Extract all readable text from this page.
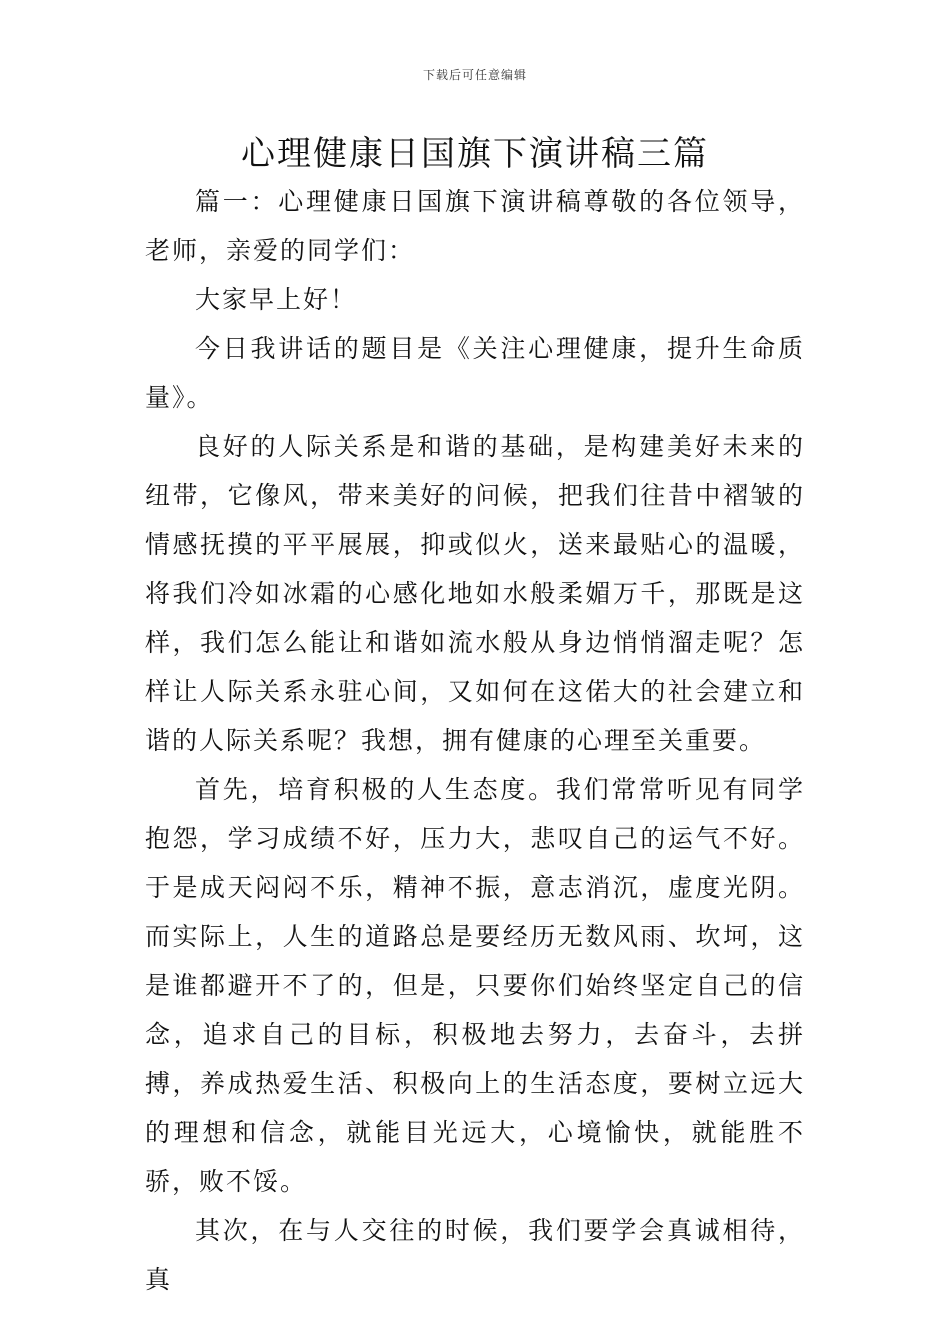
下载后可任意编辑
心理健康日国旗下演讲稿三篇

篇一：心理健康日国旗下演讲稿尊敬的各位领导，老师，亲爱的同学们：

大家早上好！

今日我讲话的题目是《关注心理健康，提升生命质量》。

良好的人际关系是和谐的基础，是构建美好未来的纽带，它像风，带来美好的问候，把我们往昔中褶皱的情感抚摸的平平展展，抑或似火，送来最贴心的温暖，将我们冷如冰霜的心感化地如水般柔媚万千，那既是这样，我们怎么能让和谐如流水般从身边悄悄溜走呢？怎样让人际关系永驻心间，又如何在这偌大的社会建立和谐的人际关系呢？我想，拥有健康的心理至关重要。

首先，培育积极的人生态度。我们常常听见有同学抱怨，学习成绩不好，压力大，悲叹自己的运气不好。于是成天闷闷不乐，精神不振，意志消沉，虚度光阴。而实际上，人生的道路总是要经历无数风雨、坎坷，这是谁都避开不了的，但是，只要你们始终坚定自己的信念，追求自己的目标，积极地去努力，去奋斗，去拼搏，养成热爱生活、积极向上的生活态度，要树立远大的理想和信念，就能目光远大，心境愉快，就能胜不骄，败不馁。

其次，在与人交往的时候，我们要学会真诚相待，真
